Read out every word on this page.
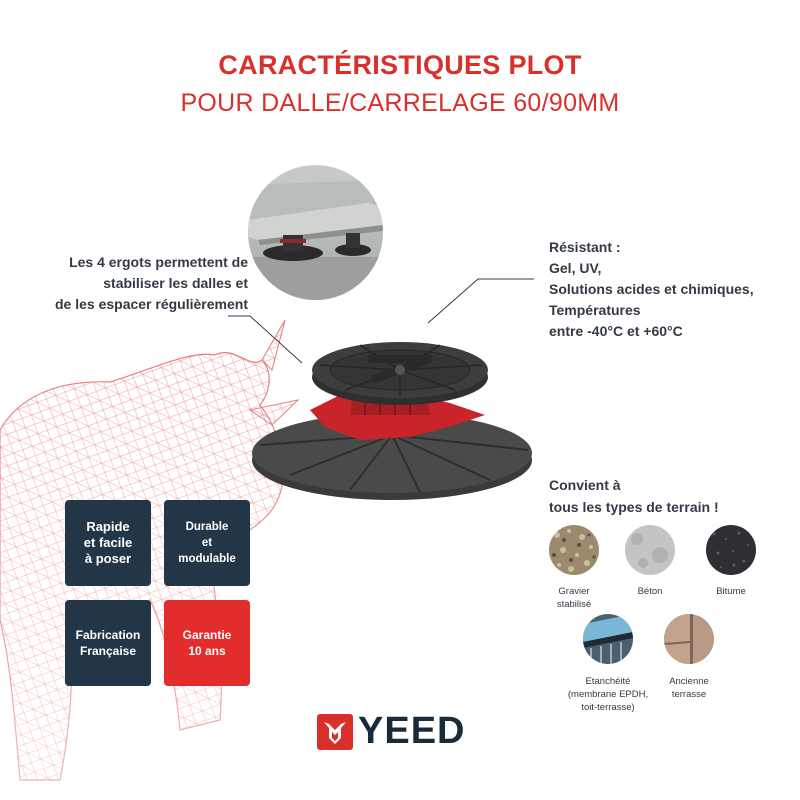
CARACTÉRISTIQUES PLOT
POUR DALLE/CARRELAGE 60/90MM
Les 4 ergots permettent de
stabiliser les dalles et
de les espacer régulièrement
Résistant :
Gel, UV,
Solutions acides et chimiques,
Températures
entre -40°C et +60°C
Rapide
et facile
à poser
Durable
et
modulable
Fabrication
Française
Garantie
10 ans
Convient à
tous les types de terrain !
Gravier
stabilisé
Béton	Bitume
Etanchéité
(membrane EPDH,
toit-terrasse)
Ancienne
terrasse
YEED
